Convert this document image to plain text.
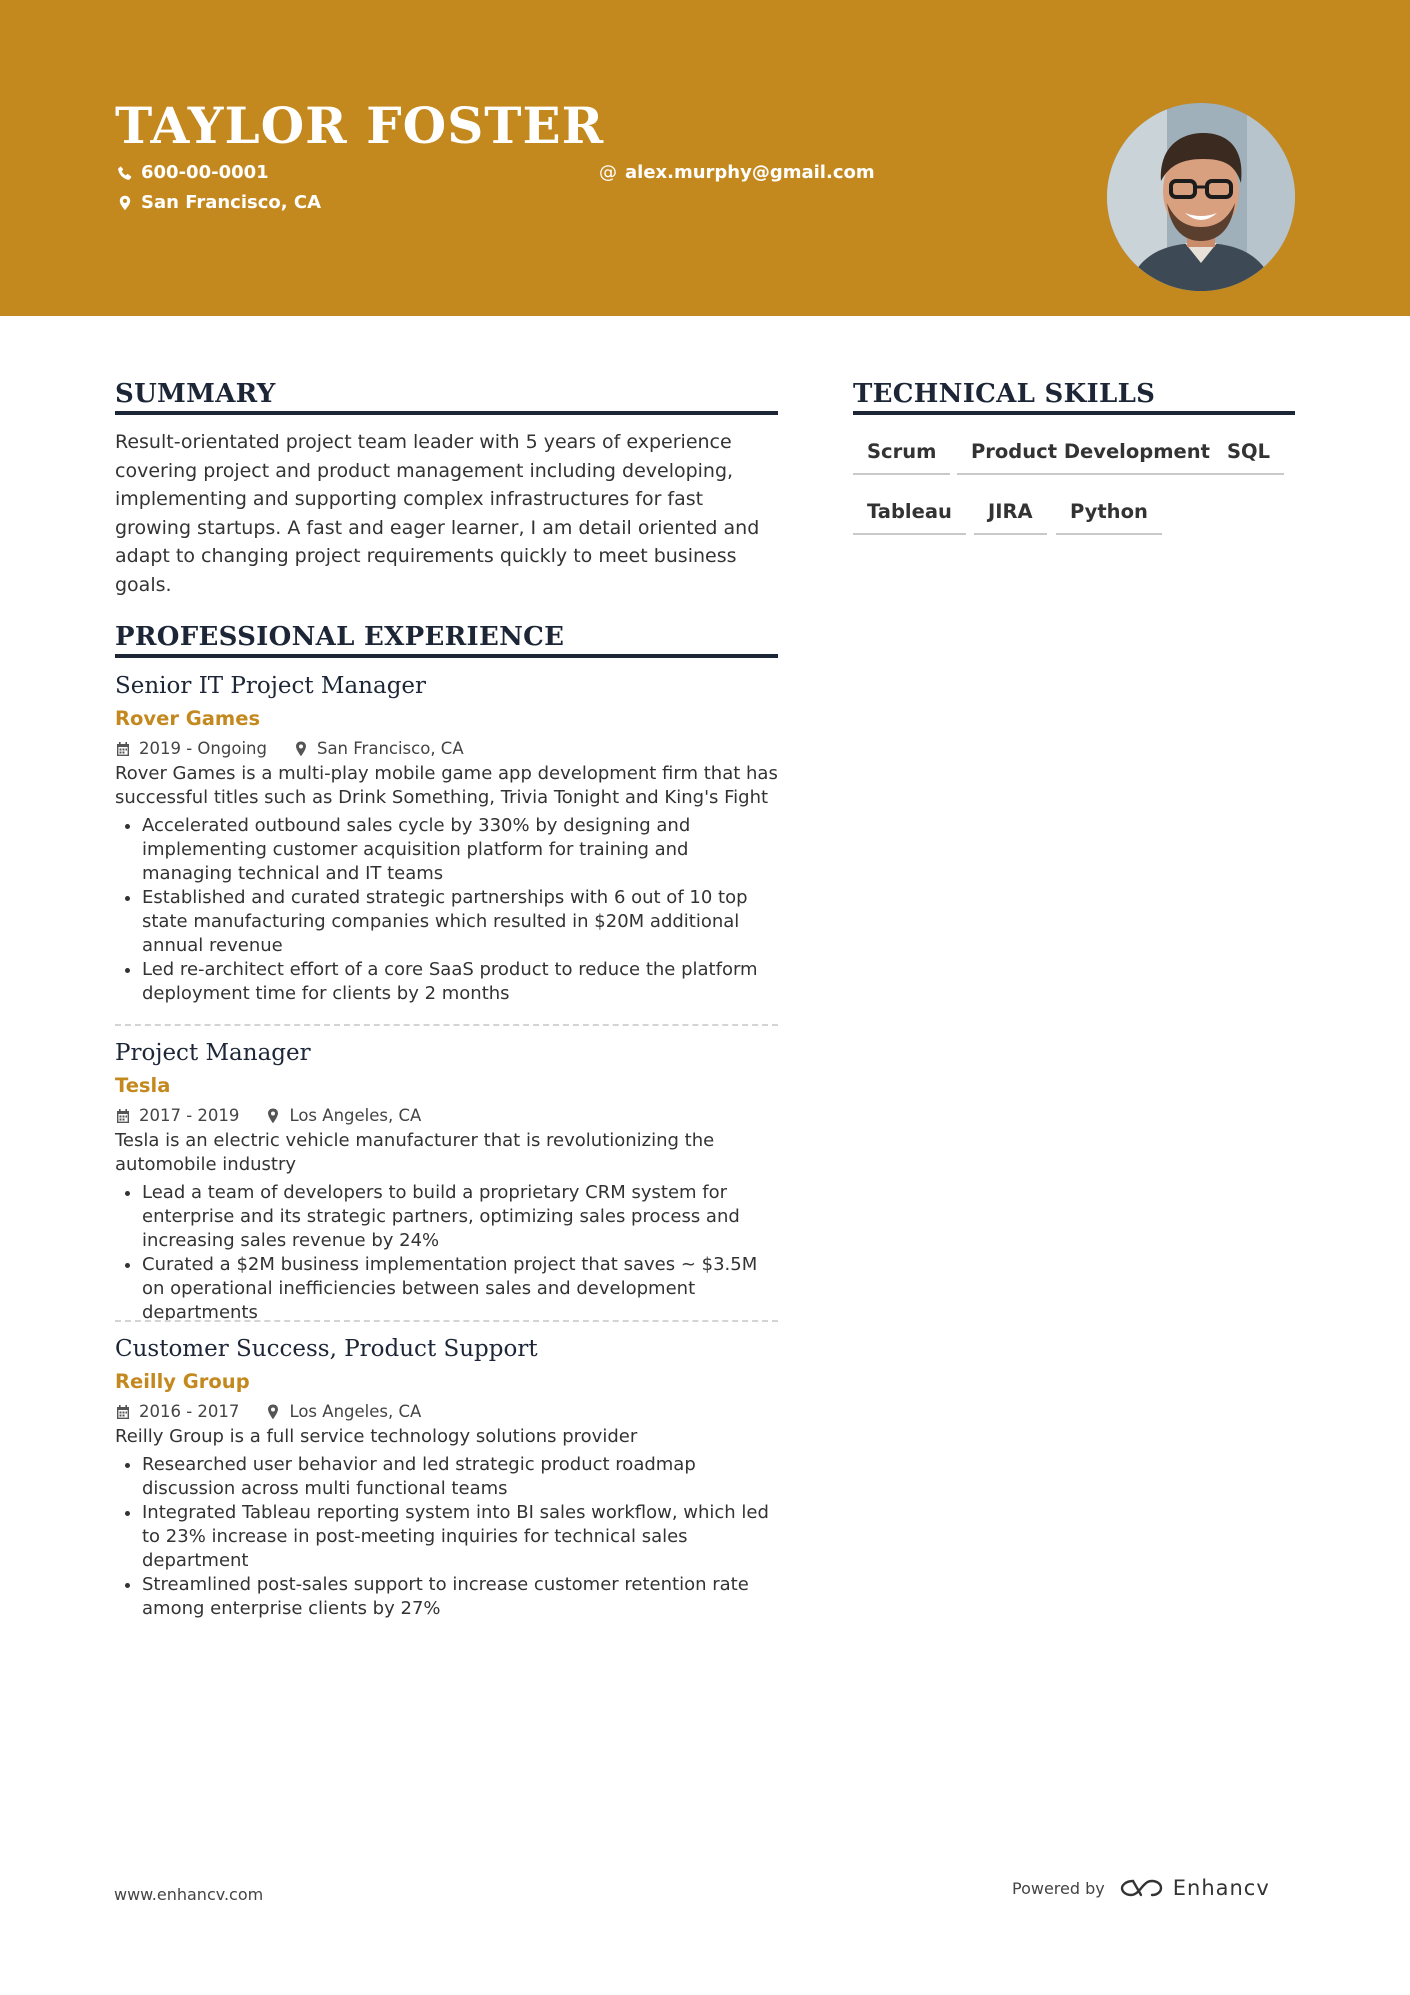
TAYLOR FOSTER
600-00-0001	@ alex.murphy@gmail.com
San Francisco, CA
SUMMARY

Result-orientated project team leader with 5 years of experience covering project and product management including developing, implementing and supporting complex infrastructures for fast growing startups. A fast and eager learner, I am detail oriented and adapt to changing project requirements quickly to meet business goals.

TECHNICAL SKILLS
Scrum	Product Development SQL
Tableau	JIRA	Python
PROFESSIONAL EXPERIENCE
Senior IT Project Manager
Rover Games
2019 - Ongoing	San Francisco, CA

Rover Games is a multi-play mobile game app development firm that has successful titles such as Drink Something, Trivia Tonight and King's Fight

• Accelerated outbound sales cycle by 330% by designing and implementing customer acquisition platform for training and managing technical and IT teams
• Established and curated strategic partnerships with 6 out of 10 top state manufacturing companies which resulted in $20M additional annual revenue
• Led re-architect effort of a core SaaS product to reduce the platform deployment time for clients by 2 months
Project Manager
Tesla
2017 - 2019	Los Angeles, CA

Tesla is an electric vehicle manufacturer that is revolutionizing the automobile industry

• Lead a team of developers to build a proprietary CRM system for enterprise and its strategic partners, optimizing sales process and increasing sales revenue by 24%
• Curated a $2M business implementation project that saves ~ $3.5M on operational inefficiencies between sales and development departments
Customer Success, Product Support
Reilly Group
2016 - 2017	Los Angeles, CA

Reilly Group is a full service technology solutions provider

• Researched user behavior and led strategic product roadmap discussion across multi functional teams
• Integrated Tableau reporting system into BI sales workflow, which led to 23% increase in post-meeting inquiries for technical sales department
• Streamlined post-sales support to increase customer retention rate among enterprise clients by 27%
www.enhancv.com	Powered by	Enhancv
